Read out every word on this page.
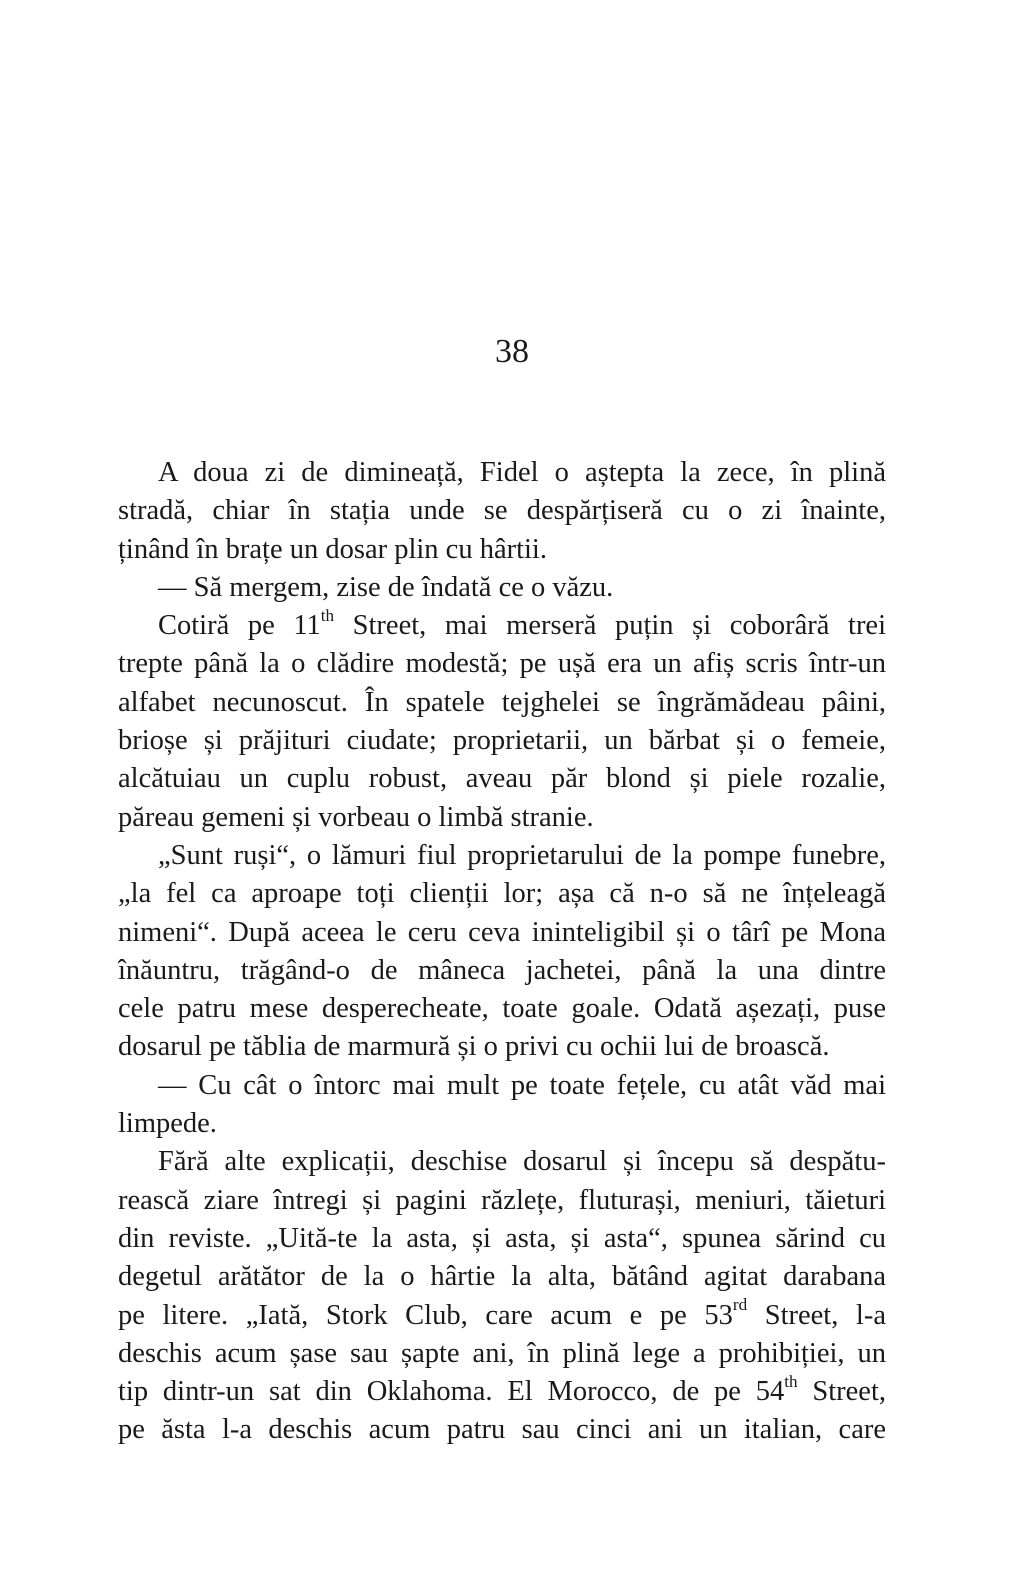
38
A doua zi de dimineață, Fidel o aștepta la zece, în plină
stradă, chiar în stația unde se despărțiseră cu o zi înainte,
ținând în brațe un dosar plin cu hârtii.
— Să mergem, zise de îndată ce o văzu.
Cotiră pe 11th Street, mai merseră puțin și coborâră trei
trepte până la o clădire modestă; pe ușă era un afiș scris într-un
alfabet necunoscut. În spatele tejghelei se îngrămădeau pâini,
brioșe și prăjituri ciudate; proprietarii, un bărbat și o femeie,
alcătuiau un cuplu robust, aveau păr blond și piele rozalie,
păreau gemeni și vorbeau o limbă stranie.
„Sunt ruși“, o lămuri fiul proprietarului de la pompe funebre,
„la fel ca aproape toți clienții lor; așa că n-o să ne înțeleagă
nimeni“. După aceea le ceru ceva ininteligibil și o târî pe Mona
înăuntru, trăgând-o de mâneca jachetei, până la una dintre
cele patru mese desperecheate, toate goale. Odată așezați, puse
dosarul pe tăblia de marmură și o privi cu ochii lui de broască.
— Cu cât o întorc mai mult pe toate fețele, cu atât văd mai
limpede.
Fără alte explicații, deschise dosarul și începu să despătu-
rească ziare întregi și pagini răzlețe, fluturași, meniuri, tăieturi
din reviste. „Uită-te la asta, și asta, și asta“, spunea sărind cu
degetul arătător de la o hârtie la alta, bătând agitat darabana
pe litere. „Iată, Stork Club, care acum e pe 53rd Street, l-a
deschis acum șase sau șapte ani, în plină lege a prohibiției, un
tip dintr-un sat din Oklahoma. El Morocco, de pe 54th Street,
pe ăsta l-a deschis acum patru sau cinci ani un italian, care
